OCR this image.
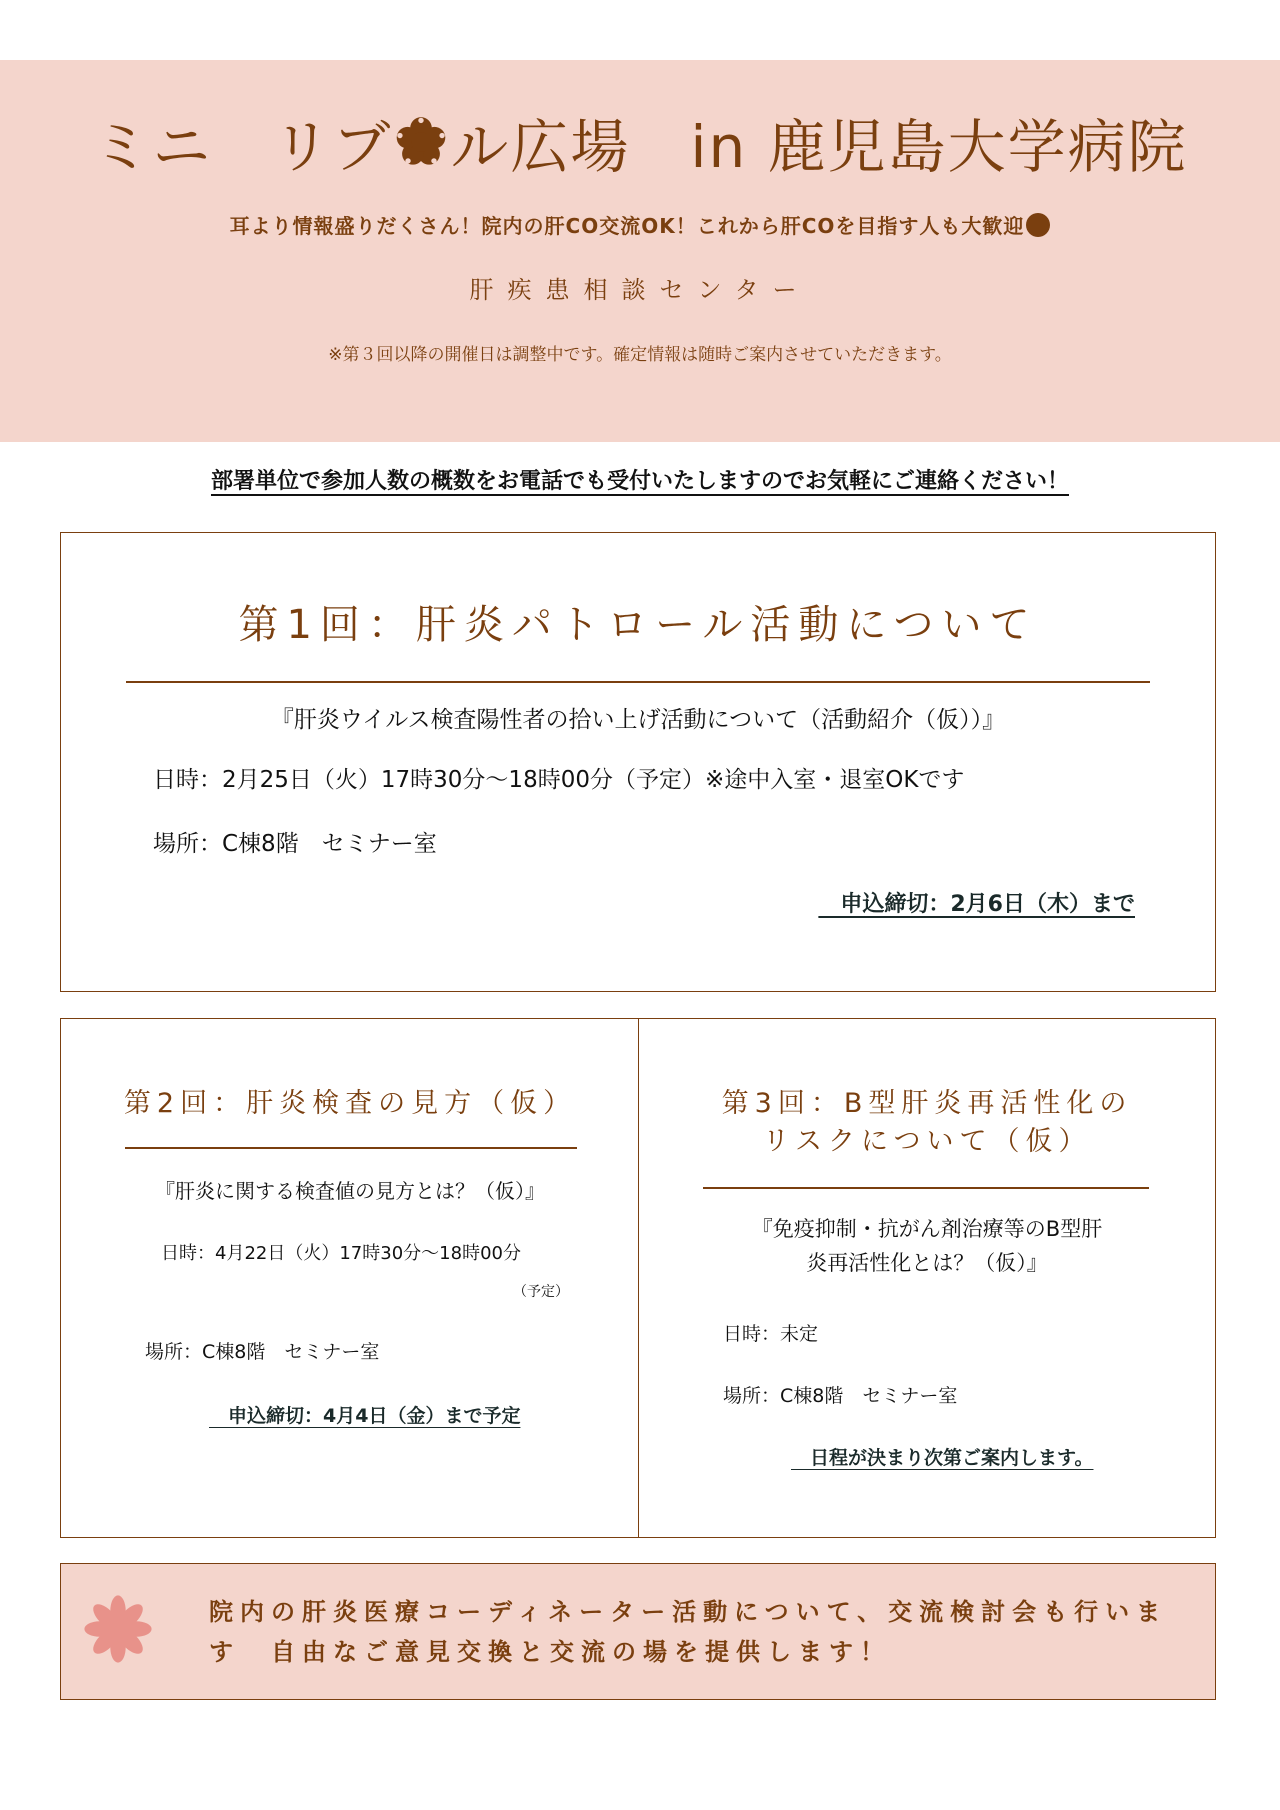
ミニ　リブ ル広場　in 鹿児島大学病院
耳より情報盛りだくさん！院内の肝CO交流OK！これから肝COを目指す人も大歓迎
肝疾患相談センター
※第３回以降の開催日は調整中です。確定情報は随時ご案内させていただきます。
部署単位で参加人数の概数をお電話でも受付いたしますのでお気軽にご連絡ください！
第1回：肝炎パトロール活動について
『肝炎ウイルス検査陽性者の拾い上げ活動について（活動紹介（仮））』
日時：2月25日（火）17時30分～18時00分（予定）※途中入室・退室OKです
場所：C棟8階　セミナー室
　申込締切：2月6日（木）まで
第2回：肝炎検査の見方（仮）
『肝炎に関する検査値の見方とは？（仮）』
日時：4月22日（火）17時30分～18時00分
（予定）
場所：C棟8階　セミナー室
　申込締切：4月4日（金）まで予定
第3回：B型肝炎再活性化の
リスクについて（仮）
『免疫抑制・抗がん剤治療等のB型肝
炎再活性化とは？（仮）』
日時：未定
場所：C棟8階　セミナー室
　日程が決まり次第ご案内します。
院内の肝炎医療コーディネーター活動について、交流検討会も行いま
す　自由なご意見交換と交流の場を提供します！
